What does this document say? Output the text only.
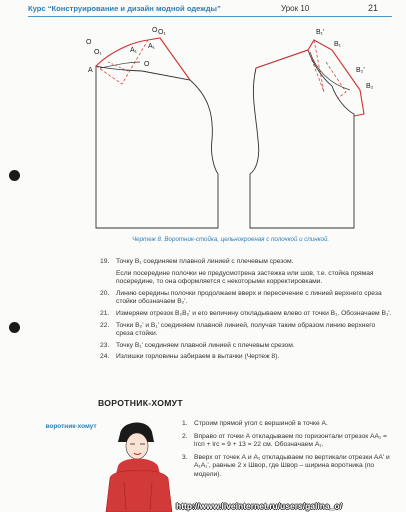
Курс “Конструирование и дизайн модной одежды”	Урок 10	21
O
O
O₁	A₁
A
O
O₁
A₁
B₁'
B₁
B₂'
B₂
Чертеж 8. Воротник-стойка, цельнокроеная с полочкой и спинкой.
19. Точку В₁ соединяем плавной линией с плечевым срезом.
Если посередине полочки не предусмотрена застежка или шов, т.е. стойка прямая посередине, то она оформляется с некоторыми корректировками.
20. Линию середины полочки продолжаем вверх и пересечение с линией верхнего среза стойки обозначаем В₂'.
21. Измеряем отрезок В₂В₂' и его величину откладываем влево от точки В₁. Обозначаем В₁'.
22. Точки В₂' и В₁' соединяем плавной линией, получая таким образом линию верхнего среза стойки.
23. Точку В₁' соединяем плавной линией с плечевым срезом.
24. Излишки горловины забираем в вытачки (Чертеж 8).
ВОРОТНИК-ХОМУТ
воротник-хомут	1. Строим прямой угол с вершиной в точке А.
2. Вправо от точки А откладываем по горизонтали отрезок АА₁ = lгсп + lгс = 9 + 13 = 22 см. Обозначаем А₁.
3. Вверх от точек А и А₁ откладываем по вертикали отрезки АА' и А₁А₁', равные 2 х Швор, где Швор – ширина воротника (по модели).
http://www.liveinternet.ru/users/galina_o/
